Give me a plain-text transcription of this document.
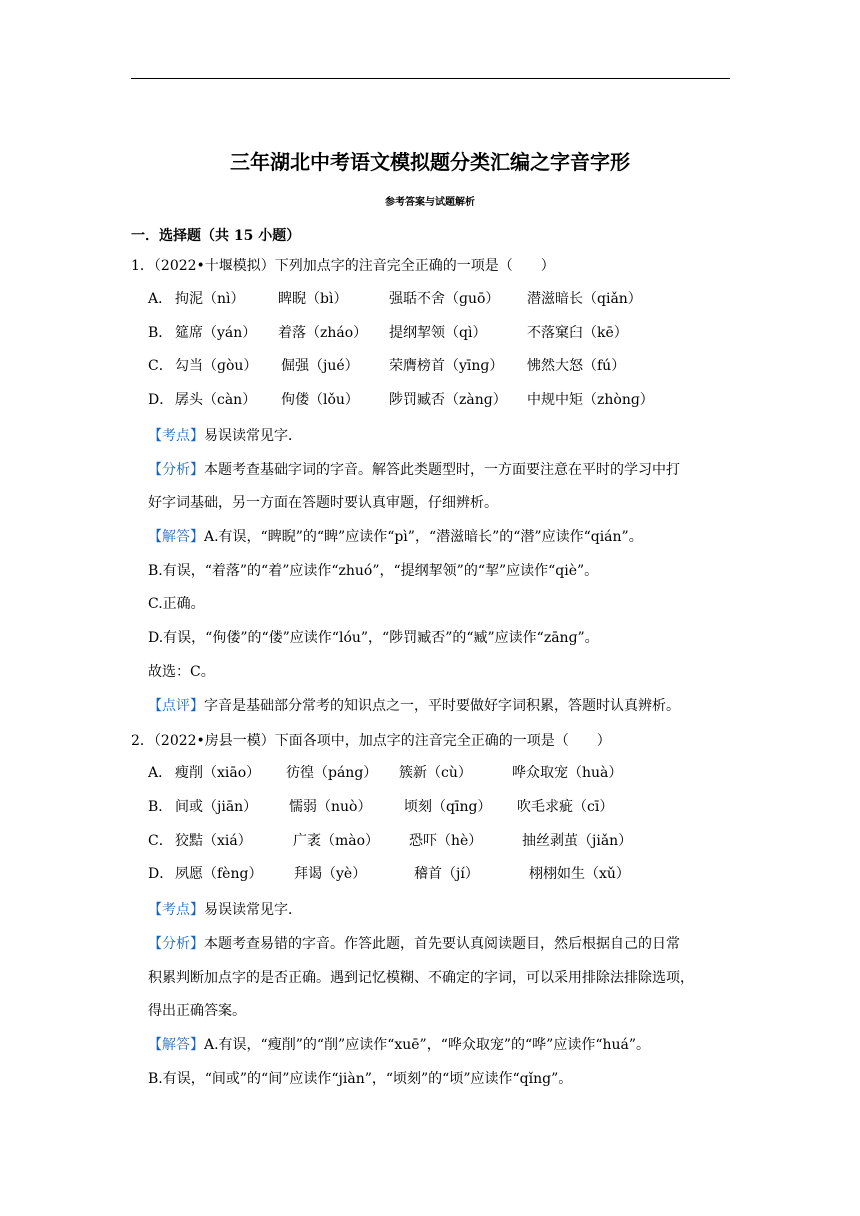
三年湖北中考语文模拟题分类汇编之字音字形
参考答案与试题解析
一．选择题（共 15 小题）
1．（2022•十堰模拟）下列加点字的注音完全正确的一项是（　　）
A． 拘泥（nì） 睥睨（bì）	强聒不舍（ɡuō） 潜滋暗长（qiǎn）
B． 筵席（yán） 着落（zháo） 提纲挈领（qì）	不落窠臼（kē）
C． 勾当（ɡòu） 倔强（jué） 荣膺榜首（yīnɡ） 怫然大怒（fú）
D． 孱头（càn） 佝偻（lǒu） 陟罚臧否（zànɡ） 中规中矩（zhònɡ）
【考点】易误读常见字．
【分析】本题考查基础字词的字音。解答此类题型时，一方面要注意在平时的学习中打
好字词基础，另一方面在答题时要认真审题，仔细辨析。
【解答】A.有误，“睥睨”的“睥”应读作“pì”，“潜滋暗长”的“潜”应读作“qián”。
B.有误，“着落”的“着”应读作“zhuó”，“提纲挈领”的“挈”应读作“qiè”。
C.正确。
D.有误，“佝偻”的“偻”应读作“lóu”，“陟罚臧否”的“臧”应读作“zānɡ”。
故选：C。
【点评】字音是基础部分常考的知识点之一，平时要做好字词积累，答题时认真辨析。
2．（2022•房县一模）下面各项中，加点字的注音完全正确的一项是（　　）
A． 瘦削（xiāo） 彷徨（páng） 簇新（cù）	哗众取宠（huà）
B． 间或（jiān） 懦弱（nuò） 顷刻（qīng） 吹毛求疵（cī）
C． 狡黠（xiá）	广袤（mào） 恐吓（hè）	抽丝剥茧（jiǎn）
D． 夙愿（fèng） 拜谒（yè）	稽首（jí）	栩栩如生（xǔ）
【考点】易误读常见字．
【分析】本题考查易错的字音。作答此题，首先要认真阅读题目，然后根据自己的日常
积累判断加点字的是否正确。遇到记忆模糊、不确定的字词，可以采用排除法排除选项，
得出正确答案。
【解答】A.有误，“瘦削”的“削”应读作“xuē”，“哗众取宠”的“哗”应读作“huá”。
B.有误，“间或”的“间”应读作“jiàn”，“顷刻”的“顷”应读作“qǐng”。
